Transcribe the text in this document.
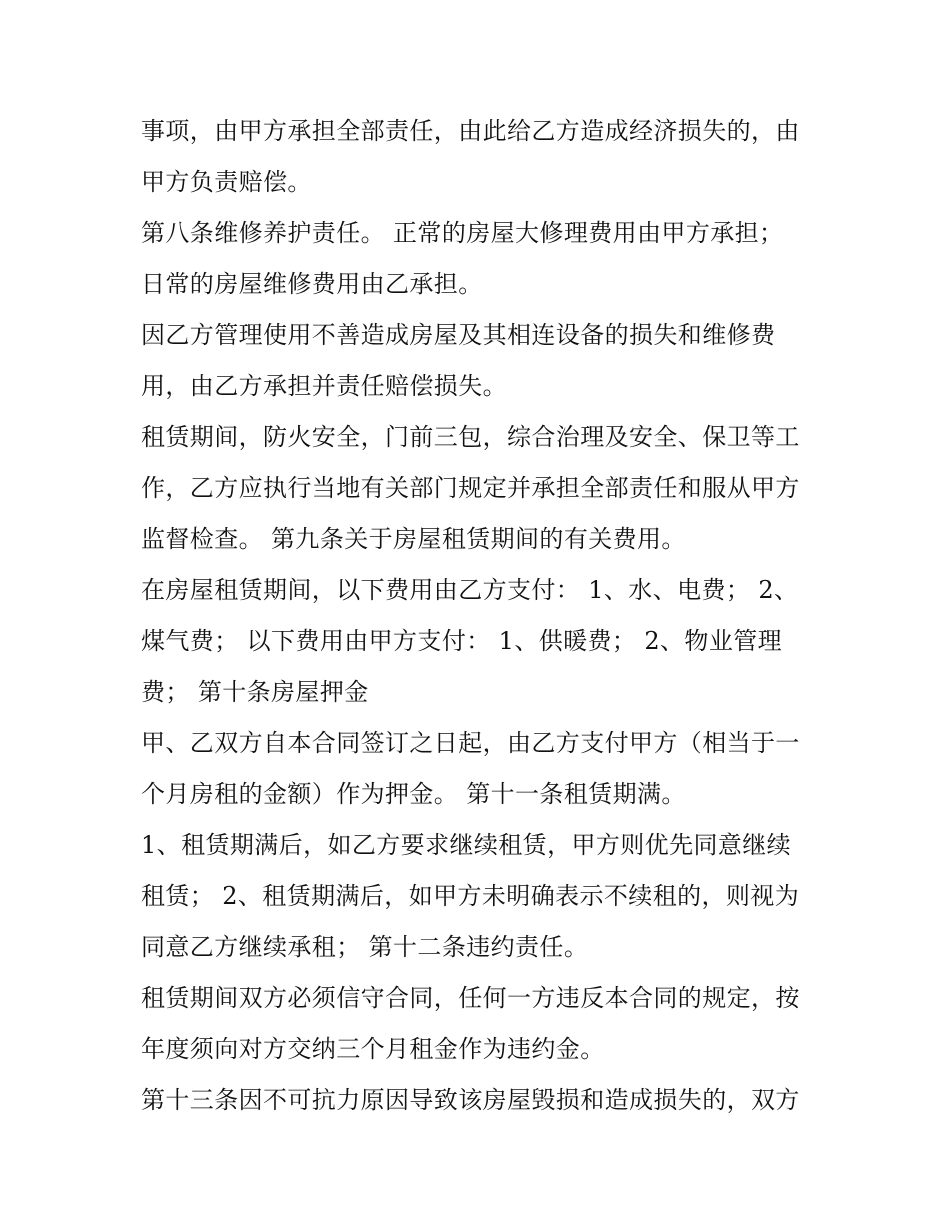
事项，由甲方承担全部责任，由此给乙方造成经济损失的，由
甲方负责赔偿。
第八条维修养护责任。 正常的房屋大修理费用由甲方承担；
日常的房屋维修费用由乙承担。
因乙方管理使用不善造成房屋及其相连设备的损失和维修费
用，由乙方承担并责任赔偿损失。
租赁期间，防火安全，门前三包，综合治理及安全、保卫等工
作，乙方应执行当地有关部门规定并承担全部责任和服从甲方
监督检查。 第九条关于房屋租赁期间的有关费用。
在房屋租赁期间，以下费用由乙方支付： 1、水、电费； 2、
煤气费； 以下费用由甲方支付： 1、供暖费； 2、物业管理
费； 第十条房屋押金
甲、乙双方自本合同签订之日起，由乙方支付甲方（相当于一
个月房租的金额）作为押金。 第十一条租赁期满。
1、租赁期满后，如乙方要求继续租赁，甲方则优先同意继续
租赁； 2、租赁期满后，如甲方未明确表示不续租的，则视为
同意乙方继续承租； 第十二条违约责任。
租赁期间双方必须信守合同，任何一方违反本合同的规定，按
年度须向对方交纳三个月租金作为违约金。
第十三条因不可抗力原因导致该房屋毁损和造成损失的，双方
